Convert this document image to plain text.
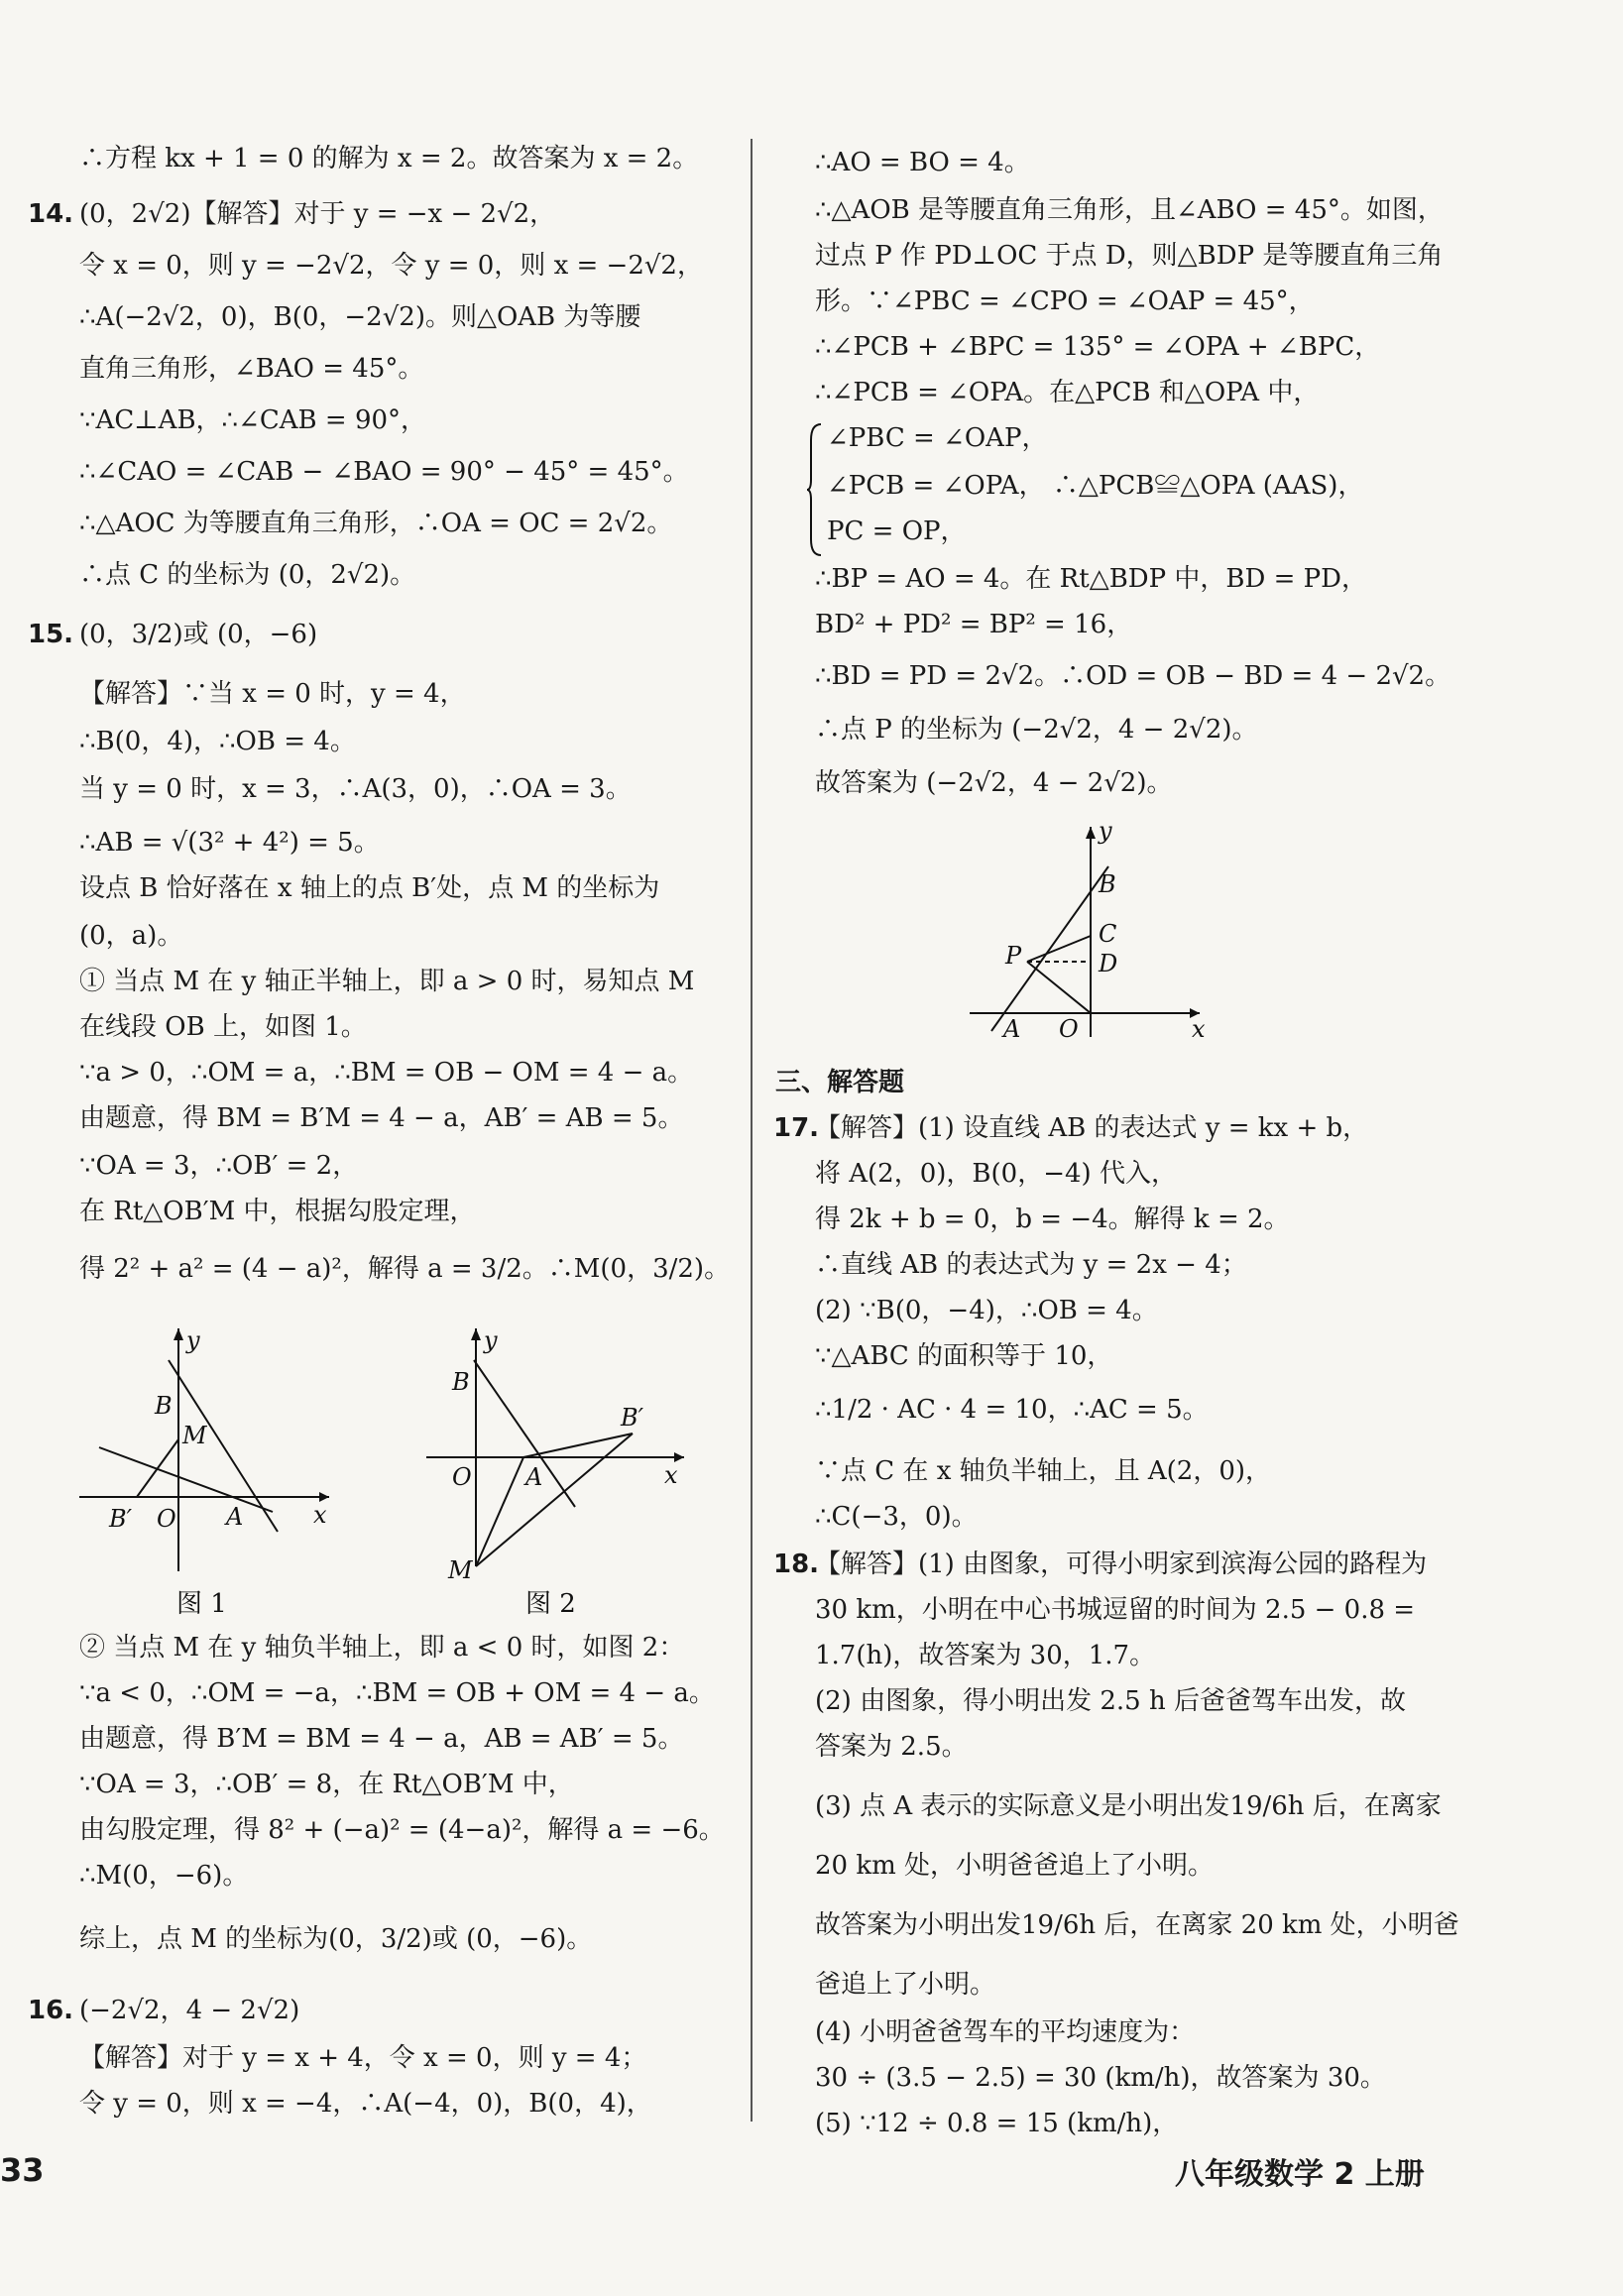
∴方程 kx + 1 = 0 的解为 x = 2。故答案为 x = 2。
14. (0，2√2)【解答】对于 y = −x − 2√2，
令 x = 0，则 y = −2√2，令 y = 0，则 x = −2√2，
∴A(−2√2，0)，B(0，−2√2)。则△OAB 为等腰
直角三角形，∠BAO = 45°。
∵AC⊥AB，∴∠CAB = 90°，
∴∠CAO = ∠CAB − ∠BAO = 90° − 45° = 45°。
∴△AOC 为等腰直角三角形，∴OA = OC = 2√2。
∴点 C 的坐标为 (0，2√2)。
15. (0，3/2)或 (0，−6)
【解答】∵当 x = 0 时，y = 4，
∴B(0，4)，∴OB = 4。
当 y = 0 时，x = 3，∴A(3，0)，∴OA = 3。
∴AB = √(3² + 4²) = 5。
设点 B 恰好落在 x 轴上的点 B′处，点 M 的坐标为
(0，a)。
① 当点 M 在 y 轴正半轴上，即 a > 0 时，易知点 M
在线段 OB 上，如图 1。
∵a > 0，∴OM = a，∴BM = OB − OM = 4 − a。
由题意，得 BM = B′M = 4 − a，AB′ = AB = 5。
∵OA = 3，∴OB′ = 2，
在 Rt△OB′M 中，根据勾股定理，
得 2² + a² = (4 − a)²，解得 a = 3/2。∴M(0，3/2)。
y
B
M
B′ O A	x
图 1
y
B
B′
O A	x
M
图 2
② 当点 M 在 y 轴负半轴上，即 a < 0 时，如图 2：
∵a < 0，∴OM = −a，∴BM = OB + OM = 4 − a。
由题意，得 B′M = BM = 4 − a，AB = AB′ = 5。
∵OA = 3，∴OB′ = 8，在 Rt△OB′M 中，
由勾股定理，得 8² + (−a)² = (4−a)²，解得 a = −6。
∴M(0，−6)。
综上，点 M 的坐标为(0，3/2)或 (0，−6)。
16. (−2√2，4 − 2√2)
【解答】对于 y = x + 4，令 x = 0，则 y = 4；
令 y = 0，则 x = −4，∴A(−4，0)，B(0，4)，
∴AO = BO = 4。
∴△AOB 是等腰直角三角形，且∠ABO = 45°。如图，
过点 P 作 PD⊥OC 于点 D，则△BDP 是等腰直角三角
形。∵∠PBC = ∠CPO = ∠OAP = 45°，
∴∠PCB + ∠BPC = 135° = ∠OPA + ∠BPC，
∴∠PCB = ∠OPA。在△PCB 和△OPA 中，
∠PBC = ∠OAP，
∠PCB = ∠OPA， ∴△PCB≌△OPA (AAS)，
PC = OP，
∴BP = AO = 4。在 Rt△BDP 中，BD = PD，
BD² + PD² = BP² = 16，
∴BD = PD = 2√2。∴OD = OB − BD = 4 − 2√2。
∴点 P 的坐标为 (−2√2，4 − 2√2)。
故答案为 (−2√2，4 − 2√2)。
y
B
C
P	D
A O	x
三、解答题
17.
【解答】(1) 设直线 AB 的表达式 y = kx + b，
将 A(2，0)，B(0，−4) 代入，
得 2k + b = 0，b = −4。解得 k = 2。
∴直线 AB 的表达式为 y = 2x − 4；
(2) ∵B(0，−4)，∴OB = 4。
∵△ABC 的面积等于 10，
∴1/2 · AC · 4 = 10，∴AC = 5。
∵点 C 在 x 轴负半轴上，且 A(2，0)，
∴C(−3，0)。
18.
【解答】(1) 由图象，可得小明家到滨海公园的路程为
30 km，小明在中心书城逗留的时间为 2.5 − 0.8 =
1.7(h)，故答案为 30，1.7。
(2) 由图象，得小明出发 2.5 h 后爸爸驾车出发，故
答案为 2.5。
(3) 点 A 表示的实际意义是小明出发19/6h 后，在离家
20 km 处，小明爸爸追上了小明。
故答案为小明出发19/6h 后，在离家 20 km 处，小明爸
爸追上了小明。
(4) 小明爸爸驾车的平均速度为：
30 ÷ (3.5 − 2.5) = 30 (km/h)，故答案为 30。
(5) ∵12 ÷ 0.8 = 15 (km/h)，
33	八年级数学 2 上册
